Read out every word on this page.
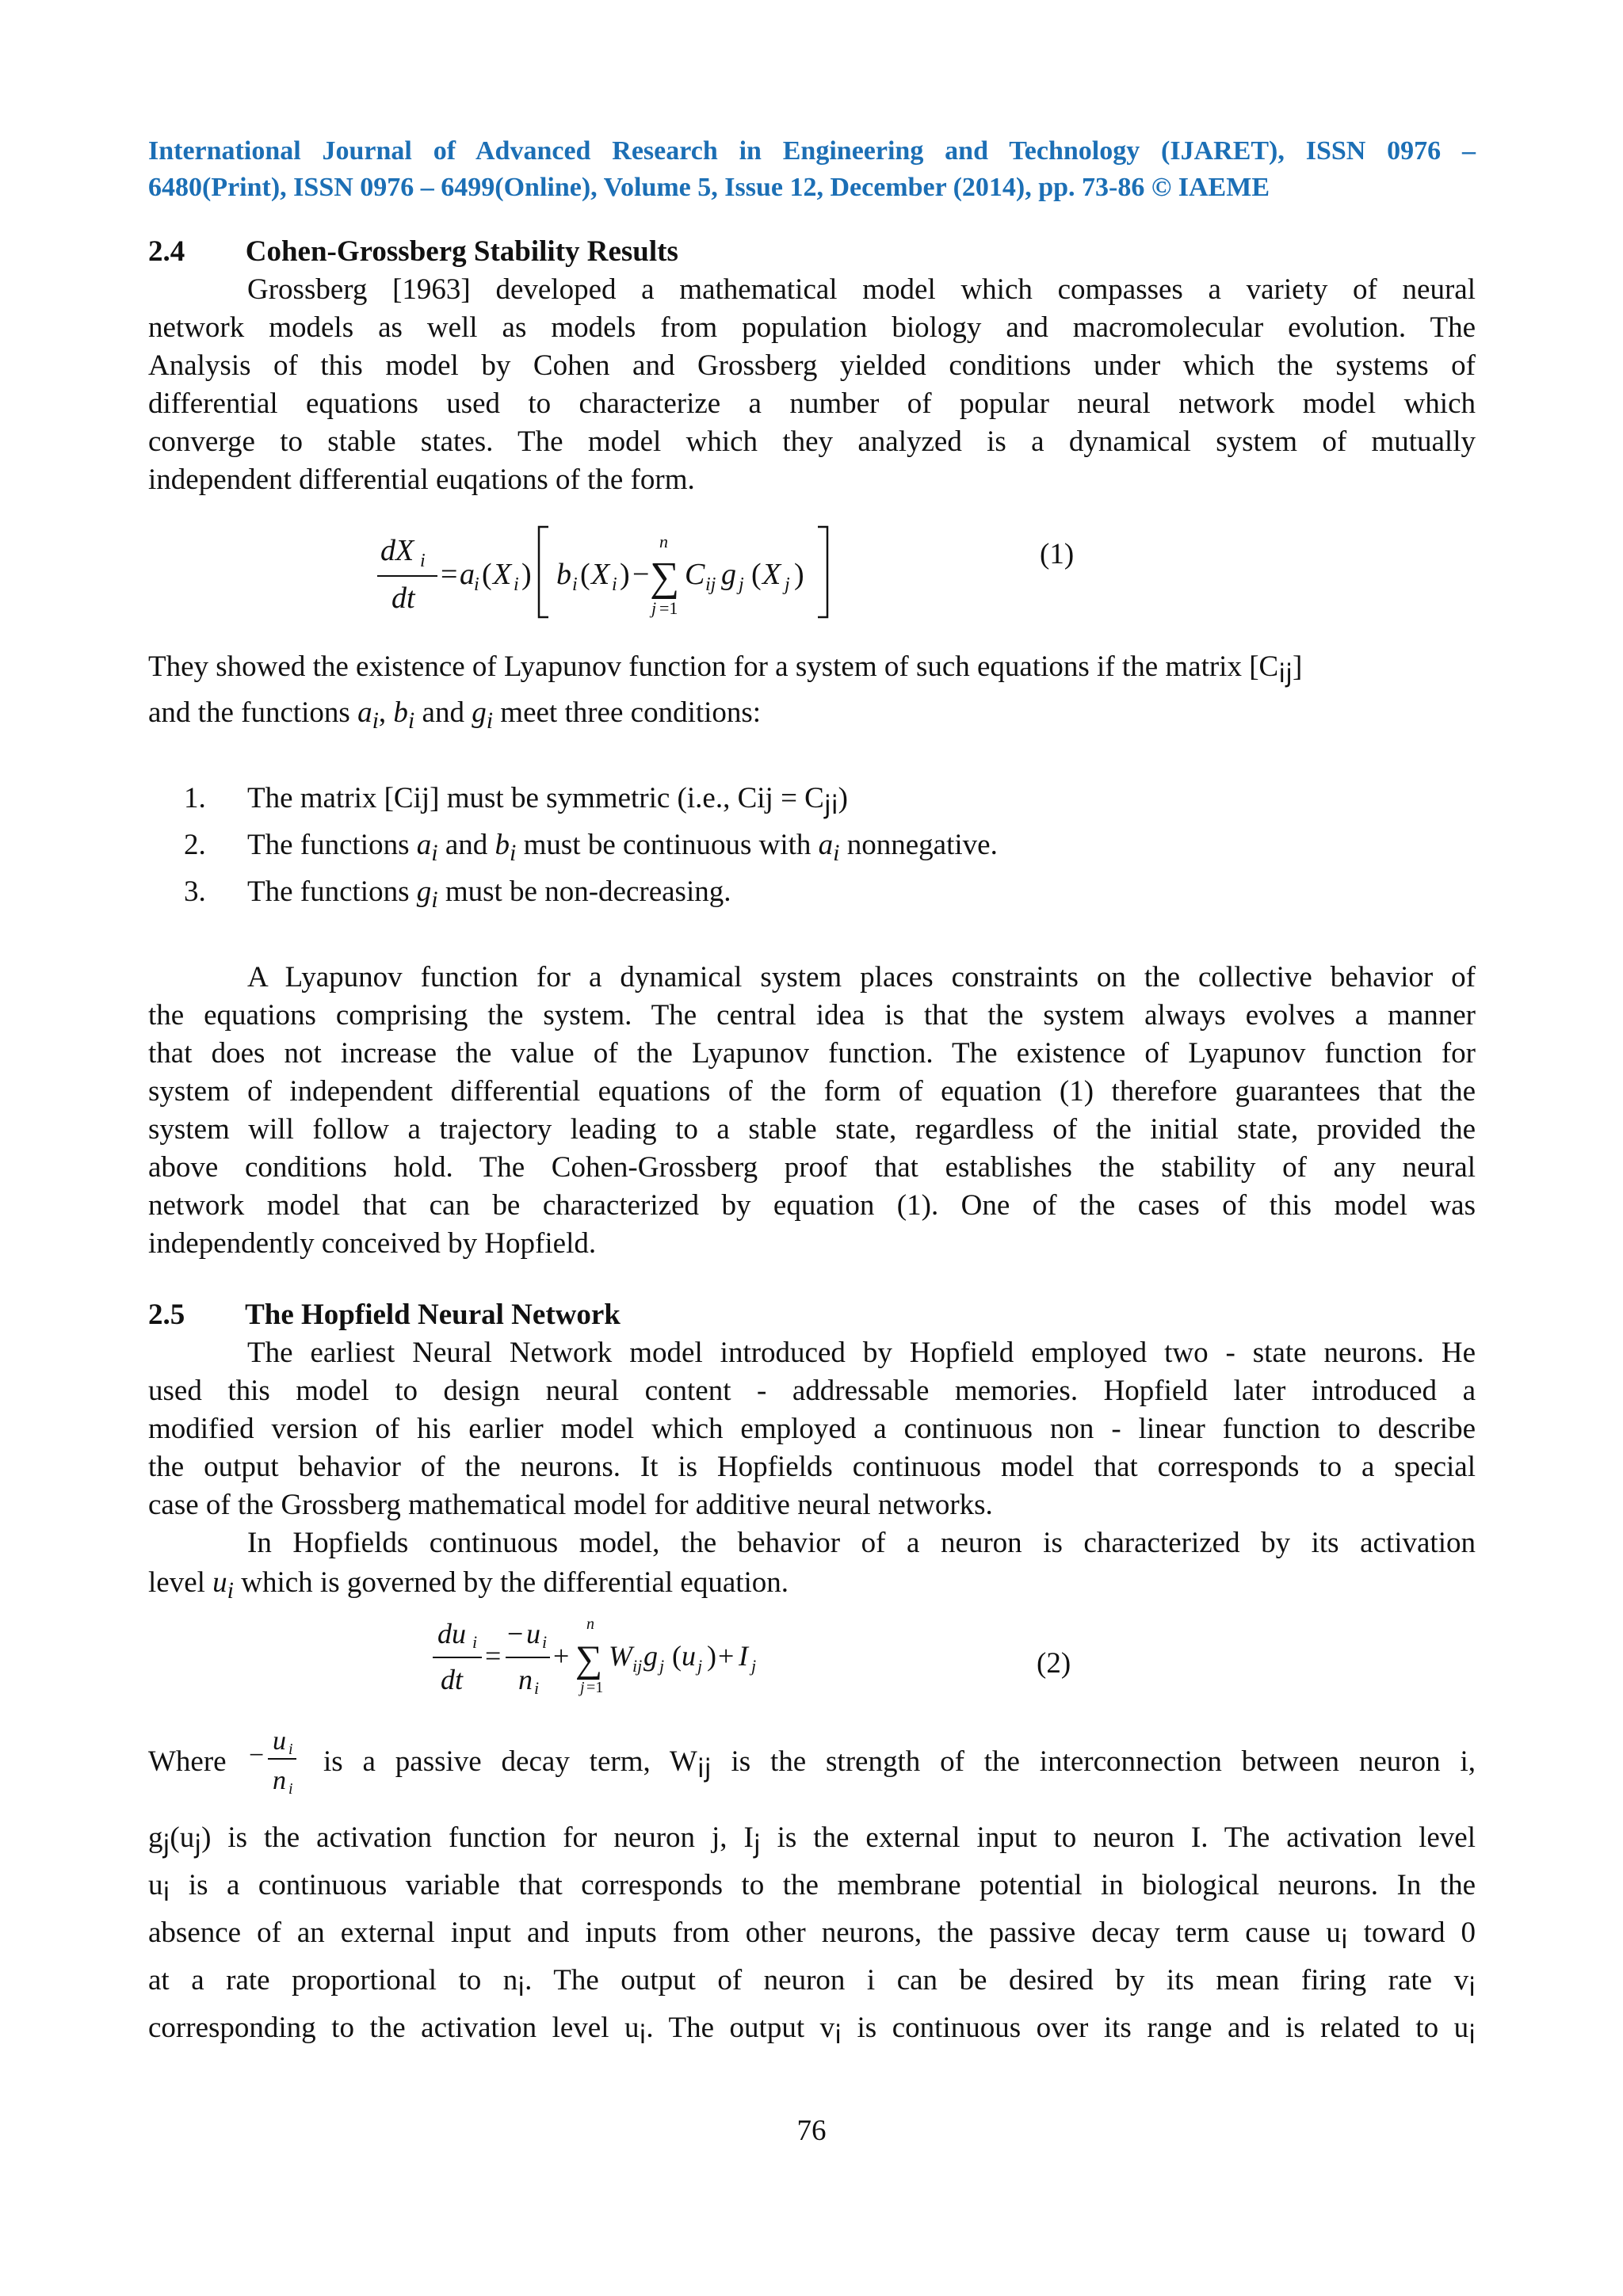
International Journal of Advanced Research in Engineering and Technology (IJARET), ISSN 0976 –
6480(Print), ISSN 0976 – 6499(Online), Volume 5, Issue 12, December (2014), pp. 73-86 © IAEME
2.4 Cohen-Grossberg Stability Results
Grossberg [1963] developed a mathematical model which compasses a variety of neural
network models as well as models from population biology and macromolecular evolution. The
Analysis of this model by Cohen and Grossberg yielded conditions under which the systems of
differential equations used to characterize a number of popular neural network model which
converge to stable states. The model which they analyzed is a dynamical system of mutually
independent differential euqations of the form.
dX i
dt
= a i ( X i ) b i ( X i ) −
n
∑
j =1
C ij g j ( X j )
(1)
They showed the existence of Lyapunov function for a system of such equations if the matrix [Cij]
and the functions $a_i$, $b_i$ and $g_i$ meet three conditions:
1. The matrix [Cij] must be symmetric (i.e., Cij = Cji)
2. The functions $a_i$ and $b_i$ must be continuous with $a_i$ nonnegative.
3. The functions $g_i$ must be non-decreasing.
A Lyapunov function for a dynamical system places constraints on the collective behavior of
the equations comprising the system. The central idea is that the system always evolves a manner
that does not increase the value of the Lyapunov function. The existence of Lyapunov function for
system of independent differential equations of the form of equation (1) therefore guarantees that the
system will follow a trajectory leading to a stable state, regardless of the initial state, provided the
above conditions hold. The Cohen-Grossberg proof that establishes the stability of any neural
network model that can be characterized by equation (1). One of the cases of this model was
independently conceived by Hopfield.
2.5 The Hopfield Neural Network
The earliest Neural Network model introduced by Hopfield employed two - state neurons. He
used this model to design neural content - addressable memories. Hopfield later introduced a
modified version of his earlier model which employed a continuous non - linear function to describe
the output behavior of the neurons. It is Hopfields continuous model that corresponds to a special
case of the Grossberg mathematical model for additive neural networks.
In Hopfields continuous model, the behavior of a neuron is characterized by its activation
level $u_i$ which is governed by the differential equation.
du i
dt
=
− u i
n i
+
n
∑
j =1
W ij g j ( u j ) + I j	(2)
Where − u i
n i
is a passive decay term, Wij is the strength of the interconnection between neuron i,
gj(uj) is the activation function for neuron j, Ij is the external input to neuron I. The activation level
ui is a continuous variable that corresponds to the membrane potential in biological neurons. In the
absence of an external input and inputs from other neurons, the passive decay term cause ui toward 0
at a rate proportional to ni. The output of neuron i can be desired by its mean firing rate vi
corresponding to the activation level ui. The output vi is continuous over its range and is related to ui
76
